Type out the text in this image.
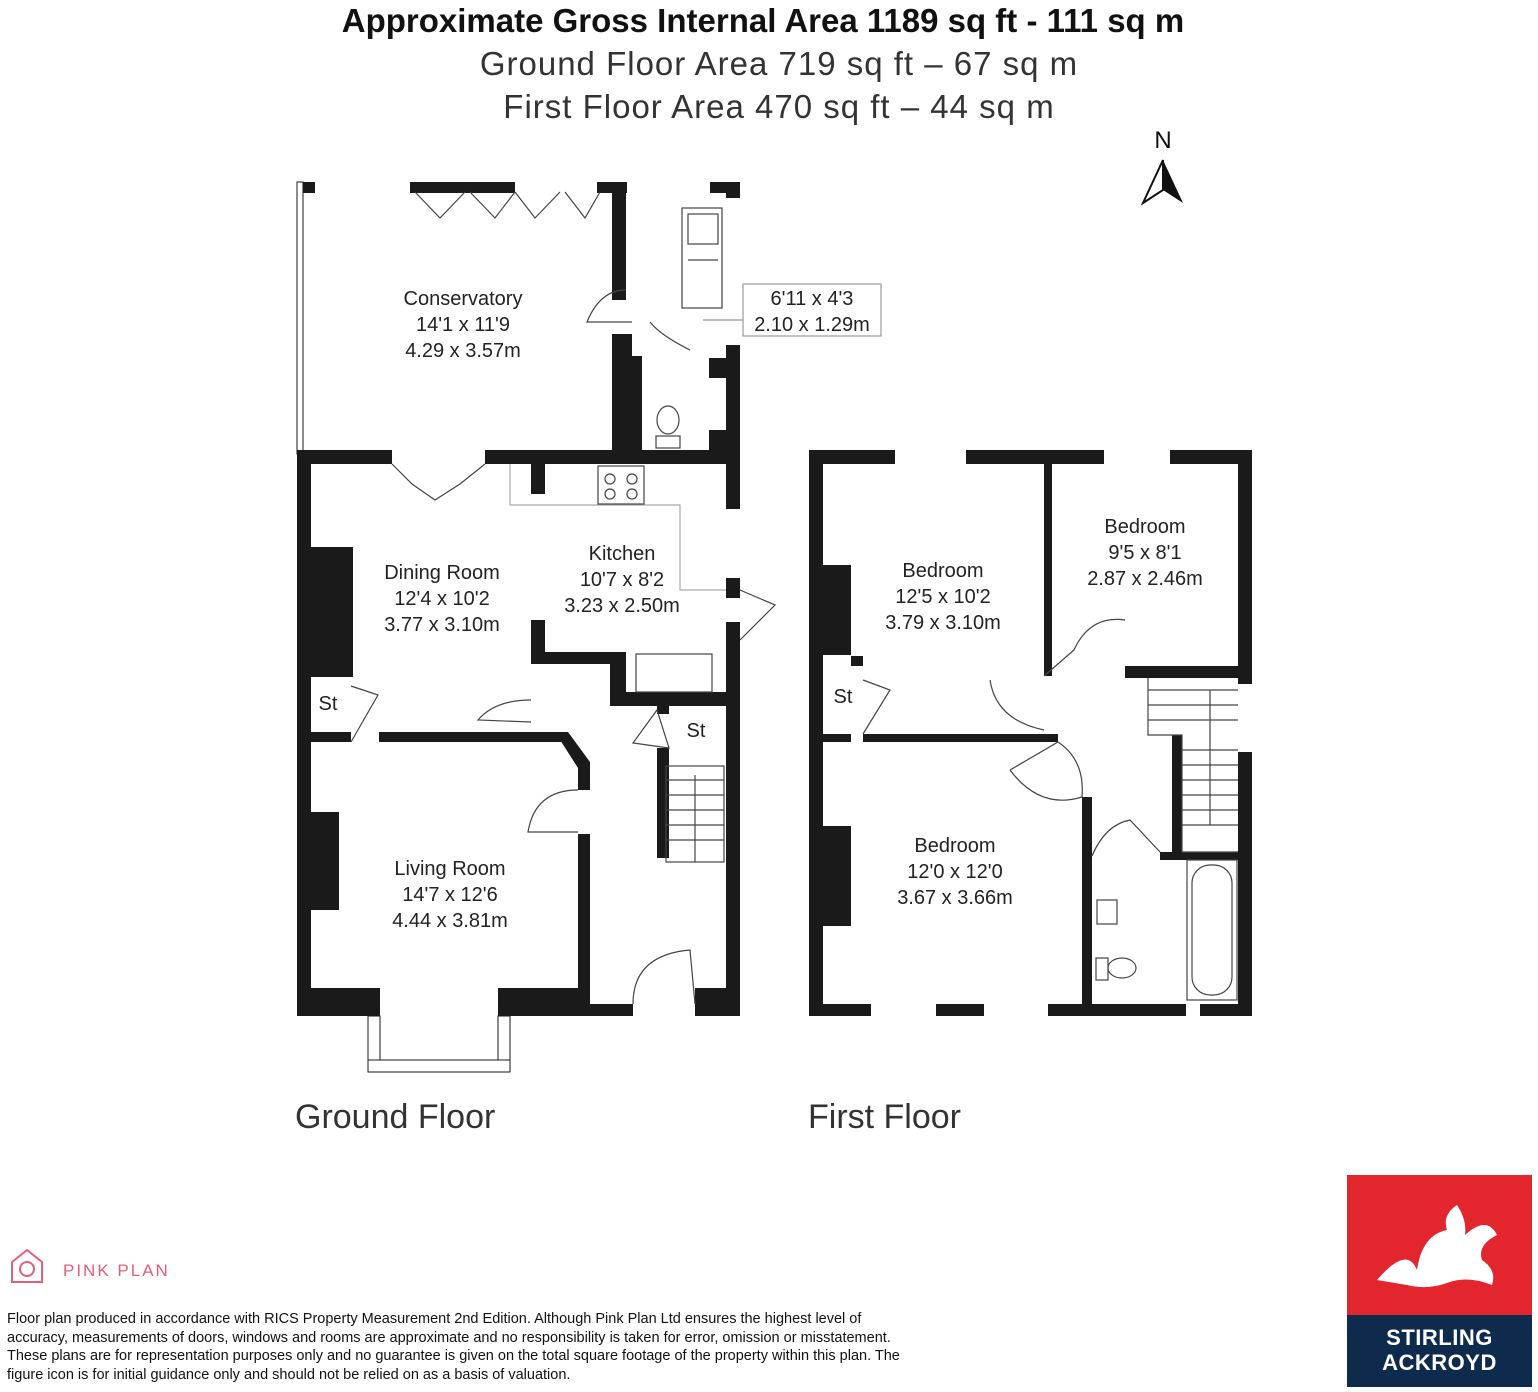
Approximate Gross Internal Area 1189 sq ft - 111 sq m
Ground Floor Area 719 sq ft – 67 sq m
First Floor Area 470 sq ft – 44 sq m
N
Conservatory
14'1 x 11'9
4.29 x 3.57m
6'11 x 4'3
2.10 x 1.29m
Dining Room
12'4 x 10'2
3.77 x 3.10m
Kitchen
10'7 x 8'2
3.23 x 2.50m
Living Room
14'7 x 12'6
4.44 x 3.81m
St
St
Bedroom
12'5 x 10'2
3.79 x 3.10m
Bedroom
9'5 x 8'1
2.87 x 2.46m
Bedroom
12'0 x 12'0
3.67 x 3.66m
St
Ground Floor	First Floor
PINK PLAN
Floor plan produced in accordance with RICS Property Measurement 2nd Edition. Although Pink Plan Ltd ensures the highest level of accuracy, measurements of doors, windows and rooms are approximate and no responsibility is taken for error, omission or misstatement. These plans are for representation purposes only and no guarantee is given on the total square footage of the property within this plan. The figure icon is for initial guidance only and should not be relied on as a basis of valuation.
STIRLING
ACKROYD
